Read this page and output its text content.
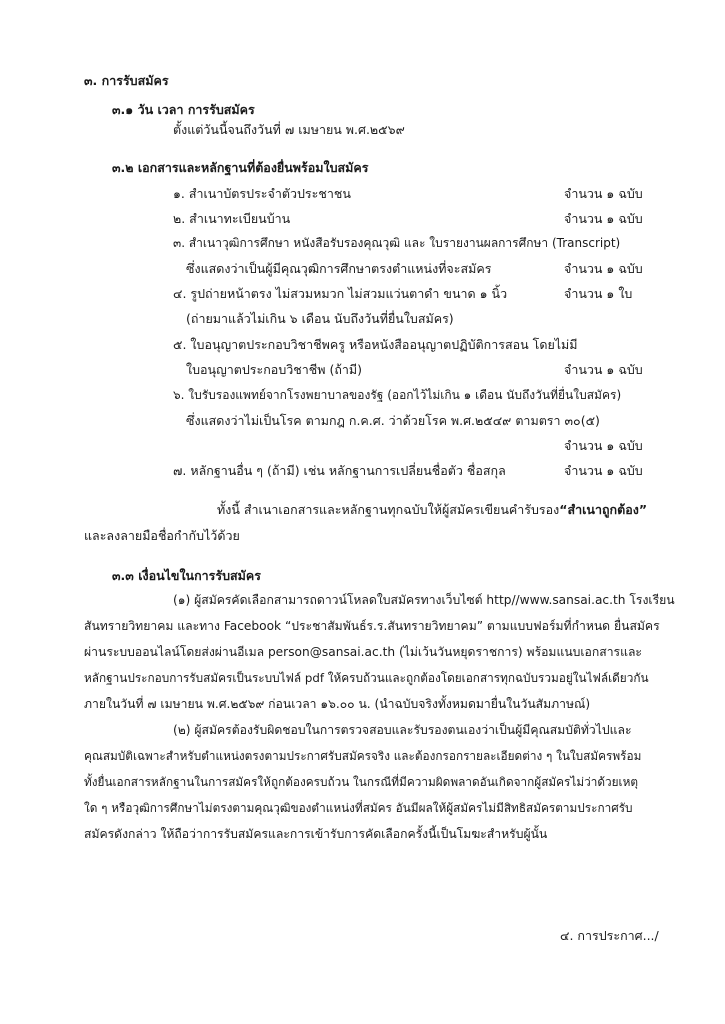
๓. การรับสมัคร
๓.๑ วัน เวลา การรับสมัคร
ตั้งแต่วันนี้จนถึงวันที่ ๗ เมษายน พ.ศ.๒๕๖๙
๓.๒ เอกสารและหลักฐานที่ต้องยื่นพร้อมใบสมัคร
๑. สำเนาบัตรประจำตัวประชาชน	จำนวน ๑ ฉบับ
๒. สำเนาทะเบียนบ้าน	จำนวน ๑ ฉบับ
๓. สำเนาวุฒิการศึกษา หนังสือรับรองคุณวุฒิ และ ใบรายงานผลการศึกษา (Transcript)
ซึ่งแสดงว่าเป็นผู้มีคุณวุฒิการศึกษาตรงตำแหน่งที่จะสมัคร	จำนวน ๑ ฉบับ
๔. รูปถ่ายหน้าตรง ไม่สวมหมวก ไม่สวมแว่นตาดำ ขนาด ๑ นิ้ว	จำนวน ๑ ใบ
(ถ่ายมาแล้วไม่เกิน ๖ เดือน นับถึงวันที่ยื่นใบสมัคร)
๕. ใบอนุญาตประกอบวิชาชีพครู หรือหนังสืออนุญาตปฏิบัติการสอน โดยไม่มี
ใบอนุญาตประกอบวิชาชีพ (ถ้ามี)	จำนวน ๑ ฉบับ
๖. ใบรับรองแพทย์จากโรงพยาบาลของรัฐ (ออกไว้ไม่เกิน ๑ เดือน นับถึงวันที่ยื่นใบสมัคร)
ซึ่งแสดงว่าไม่เป็นโรค ตามกฎ ก.ค.ศ. ว่าด้วยโรค พ.ศ.๒๕๔๙ ตามตรา ๓๐(๕)
จำนวน ๑ ฉบับ
๗. หลักฐานอื่น ๆ (ถ้ามี) เช่น หลักฐานการเปลี่ยนชื่อตัว ชื่อสกุล	จำนวน ๑ ฉบับ
ทั้งนี้ สำเนาเอกสารและหลักฐานทุกฉบับให้ผู้สมัครเขียนคำรับรอง“สำเนาถูกต้อง”
และลงลายมือชื่อกำกับไว้ด้วย
๓.๓ เงื่อนไขในการรับสมัคร
(๑) ผู้สมัครคัดเลือกสามารถดาวน์โหลดใบสมัครทางเว็บไซต์ http//www.sansai.ac.th โรงเรียน
สันทรายวิทยาคม และทาง Facebook “ประชาสัมพันธ์ร.ร.สันทรายวิทยาคม” ตามแบบฟอร์มที่กำหนด ยื่นสมัคร
ผ่านระบบออนไลน์โดยส่งผ่านอีเมล person@sansai.ac.th (ไม่เว้นวันหยุดราชการ) พร้อมแนบเอกสารและ
หลักฐานประกอบการรับสมัครเป็นระบบไฟล์ pdf ให้ครบถ้วนและถูกต้องโดยเอกสารทุกฉบับรวมอยู่ในไฟล์เดียวกัน
ภายในวันที่ ๗ เมษายน พ.ศ.๒๕๖๙ ก่อนเวลา ๑๖.๐๐ น. (นำฉบับจริงทั้งหมดมายื่นในวันสัมภาษณ์)
(๒) ผู้สมัครต้องรับผิดชอบในการตรวจสอบและรับรองตนเองว่าเป็นผู้มีคุณสมบัติทั่วไปและ
คุณสมบัติเฉพาะสำหรับตำแหน่งตรงตามประกาศรับสมัครจริง และต้องกรอกรายละเอียดต่าง ๆ ในใบสมัครพร้อม
ทั้งยื่นเอกสารหลักฐานในการสมัครให้ถูกต้องครบถ้วน ในกรณีที่มีความผิดพลาดอันเกิดจากผู้สมัครไม่ว่าด้วยเหตุ
ใด ๆ หรือวุฒิการศึกษาไม่ตรงตามคุณวุฒิของตำแหน่งที่สมัคร อันมีผลให้ผู้สมัครไม่มีสิทธิสมัครตามประกาศรับ
สมัครดังกล่าว ให้ถือว่าการรับสมัครและการเข้ารับการคัดเลือกครั้งนี้เป็นโมฆะสำหรับผู้นั้น
๔. การประกาศ.../
